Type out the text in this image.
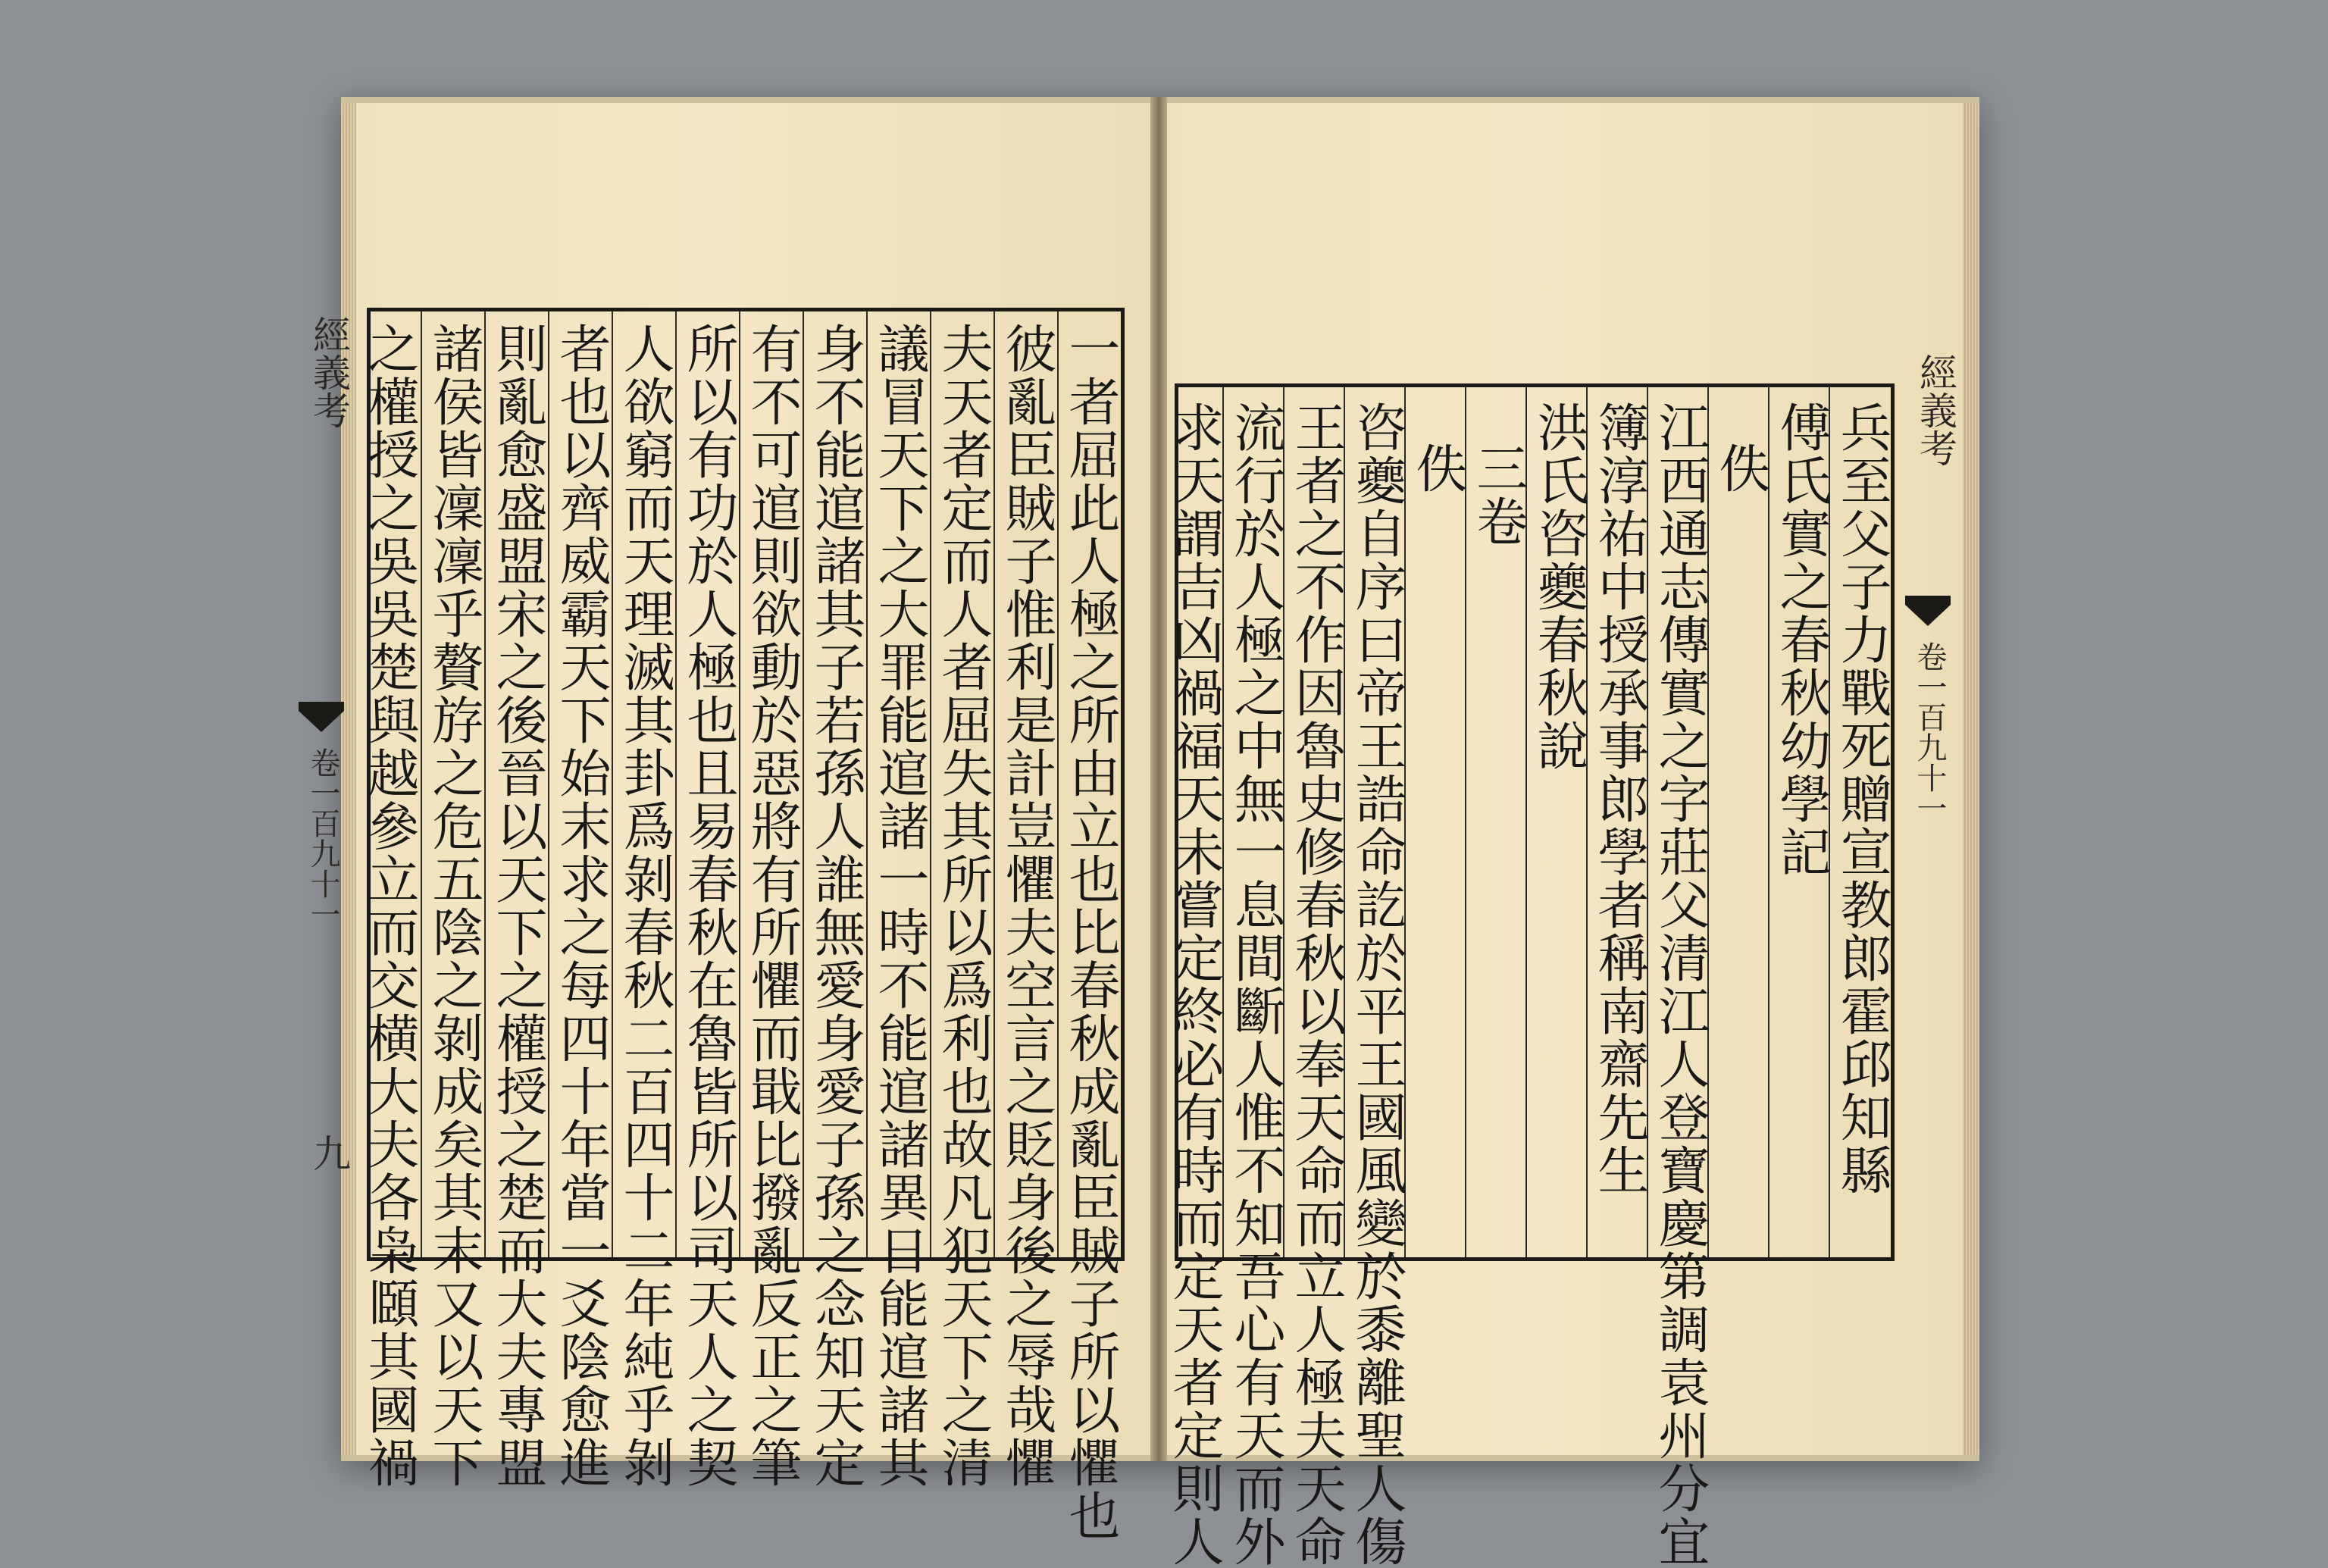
一者屈此人極之所由立也比春秋成亂臣賊子所以懼也
彼亂臣賊子惟利是計豈懼夫空言之貶身後之辱哉懼
夫天者定而人者屈失其所以爲利也故凡犯天下之清
議冒天下之大罪能逭諸一時不能逭諸異日能逭諸其
身不能逭諸其子若孫人誰無愛身愛子孫之念知天定
有不可逭則欲動於惡將有所懼而戢比撥亂反正之筆
所以有功於人極也且易春秋在魯皆所以司天人之契
人欲窮而天理滅其卦爲剝春秋二百四十二年純乎剝
者也以齊威霸天下始末求之每四十年當一爻陰愈進
則亂愈盛盟宋之後晉以天下之權授之楚而大夫專盟
諸侯皆凜凜乎贅斿之危五陰之剝成矣其末又以天下
之權授之吳吳楚與越參立而交横大夫各枭頥其國禍
經義考
卷一百九十一
九
經義考
卷一百九十一
兵至父子力戰死贈宣教郎霍邱知縣
傅氏實之春秋幼學記
佚
江西通志傳實之字莊父清江人登寶慶第調袁州分宜
簿淳祐中授承事郎學者稱南齋先生
洪氏咨夔春秋說
三卷
佚
咨夔自序曰帝王誥命訖於平王國風變於黍離聖人傷
王者之不作因魯史修春秋以奉天命而立人極夫天命
流行於人極之中無一息間斷人惟不知吾心有天而外
求天謂吉凶禍福天未嘗定終必有時而定天者定則人
